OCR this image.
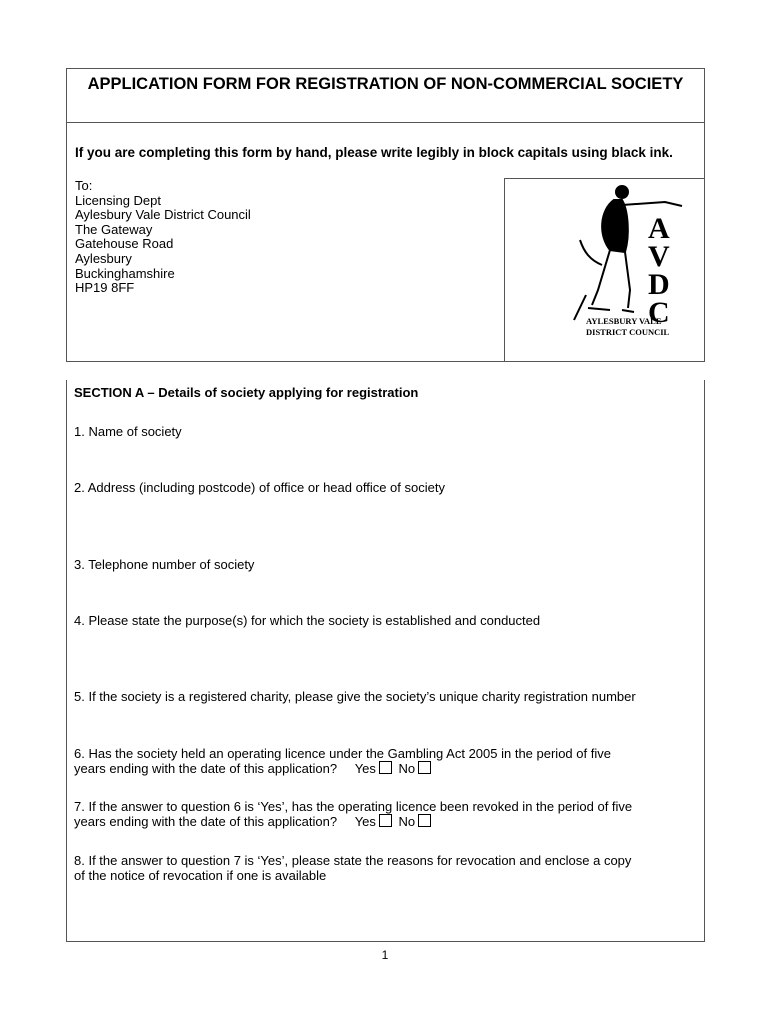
APPLICATION FORM FOR REGISTRATION OF NON-COMMERCIAL SOCIETY
If you are completing this form by hand, please write legibly in block capitals using black ink.
To:
Licensing Dept
Aylesbury Vale District Council
The Gateway
Gatehouse Road
Aylesbury
Buckinghamshire
HP19 8FF
A
V
D
C
AYLESBURY VALE
DISTRICT COUNCIL
SECTION A – Details of society applying for registration
1. Name of society
2. Address (including postcode) of office or head office of society
3. Telephone number of society
4. Please state the purpose(s) for which the society is established and conducted
5. If the society is a registered charity, please give the society’s unique charity registration number
6. Has the society held an operating licence under the Gambling Act 2005 in the period of five
years ending with the date of this application? Yes No
7. If the answer to question 6 is ‘Yes’, has the operating licence been revoked in the period of five
years ending with the date of this application? Yes No
8. If the answer to question 7 is ‘Yes’, please state the reasons for revocation and enclose a copy
of the notice of revocation if one is available
1
